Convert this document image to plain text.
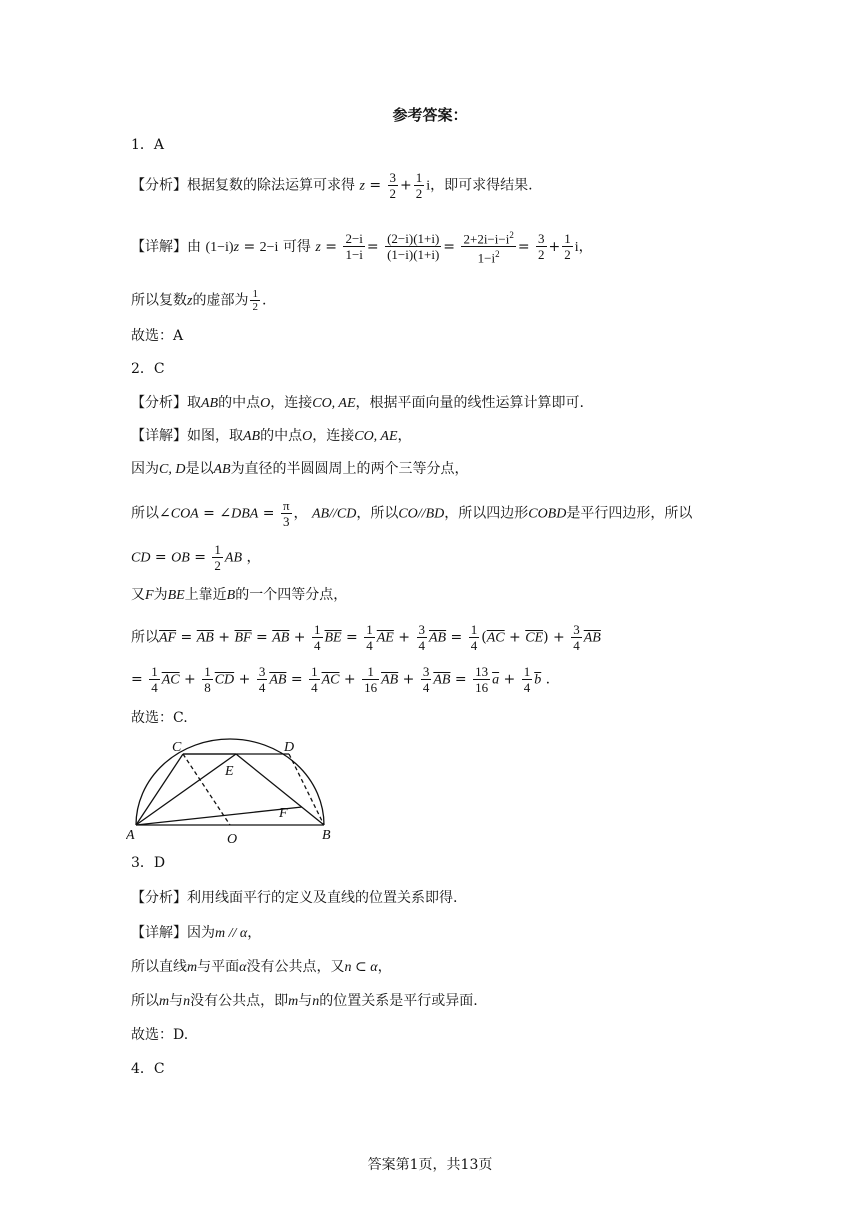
参考答案：
1．A
【分析】根据复数的除法运算可求得 $z = \frac{3}{2} + \frac{1}{2}$ i，即可求得结果.
【详解】由 (1−i)z = 2−i 可得 $z = \frac{2-i}{1-i} = \frac{(2-i)(1+i)}{(1-i)(1+i)} = \frac{2+2i-i-i^2}{1-i^2} = \frac{3}{2} + \frac{1}{2}$ i，
所以复数z的虚部为 $\frac{1}{2}$ .
故选：A
2．C
【分析】取AB的中点O，连接CO, AE，根据平面向量的线性运算计算即可.
【详解】如图，取AB的中点O，连接CO, AE，
因为C, D是以AB为直径的半圆圆周上的两个三等分点，
所以∠COA = ∠DBA = $\frac{\pi}{3}$ ， AB//CD，所以CO//BD，所以四边形COBD是平行四边形，所以
CD = OB = $\frac{1}{2}$ AB ，
又F为BE上靠近B的一个四等分点，
所以$\overline{AF} = \overline{AB} + \overline{BF} = \overline{AB} + \frac{1}{4} \overline{BE} = \frac{1}{4} \overline{AE} + \frac{3}{4} \overline{AB} = \frac{1}{4} (\overline{AC} + \overline{CE}) + \frac{3}{4} \overline{AB}$
= $\frac{1}{4} \overline{AC} + \frac{1}{8} \overline{CD} + \frac{3}{4} \overline{AB} = \frac{1}{4} \overline{AC} + \frac{1}{16} \overline{AB} + \frac{3}{4} \overline{AB} = \frac{13}{16} \overline{a} + \frac{1}{4} \overline{b}$ .
故选：C.
C	D
E
F
A	O	B
3．D
【分析】利用线面平行的定义及直线的位置关系即得.
【详解】因为m // α，
所以直线m与平面α没有公共点，又n ⊂ α，
所以m与n没有公共点，即m与n的位置关系是平行或异面.
故选：D.
4．C
答案第1页，共13页
